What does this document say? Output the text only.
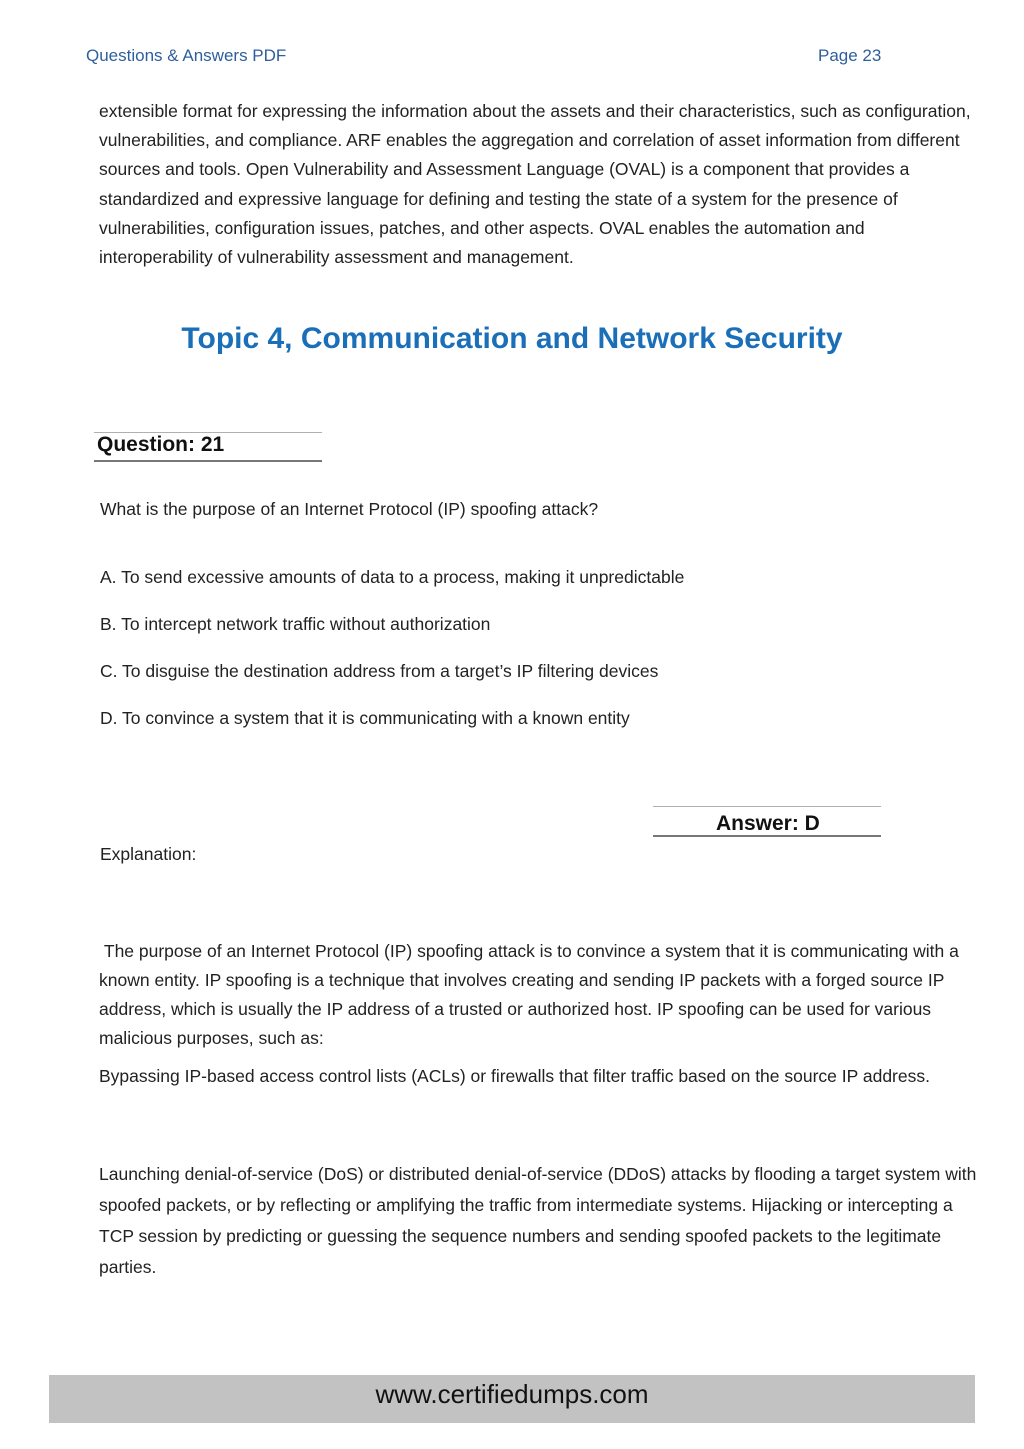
Questions & Answers PDF	Page 23

extensible format for expressing the information about the assets and their characteristics, such as configuration, vulnerabilities, and compliance. ARF enables the aggregation and correlation of asset information from different sources and tools. Open Vulnerability and Assessment Language (OVAL) is a component that provides a standardized and expressive language for defining and testing the state of a system for the presence of vulnerabilities, configuration issues, patches, and other aspects. OVAL enables the automation and interoperability of vulnerability assessment and management.

Topic 4, Communication and Network Security
Question: 21
What is the purpose of an Internet Protocol (IP) spoofing attack?
A. To send excessive amounts of data to a process, making it unpredictable
B. To intercept network traffic without authorization
C. To disguise the destination address from a target’s IP filtering devices
D. To convince a system that it is communicating with a known entity
Answer: D
Explanation:

The purpose of an Internet Protocol (IP) spoofing attack is to convince a system that it is communicating with a known entity. IP spoofing is a technique that involves creating and sending IP packets with a forged source IP address, which is usually the IP address of a trusted or authorized host. IP spoofing can be used for various malicious purposes, such as:

Bypassing IP-based access control lists (ACLs) or firewalls that filter traffic based on the source IP address.

Launching denial-of-service (DoS) or distributed denial-of-service (DDoS) attacks by flooding a target system with spoofed packets, or by reflecting or amplifying the traffic from intermediate systems. Hijacking or intercepting a TCP session by predicting or guessing the sequence numbers and sending spoofed packets to the legitimate parties.

www.certifiedumps.com
